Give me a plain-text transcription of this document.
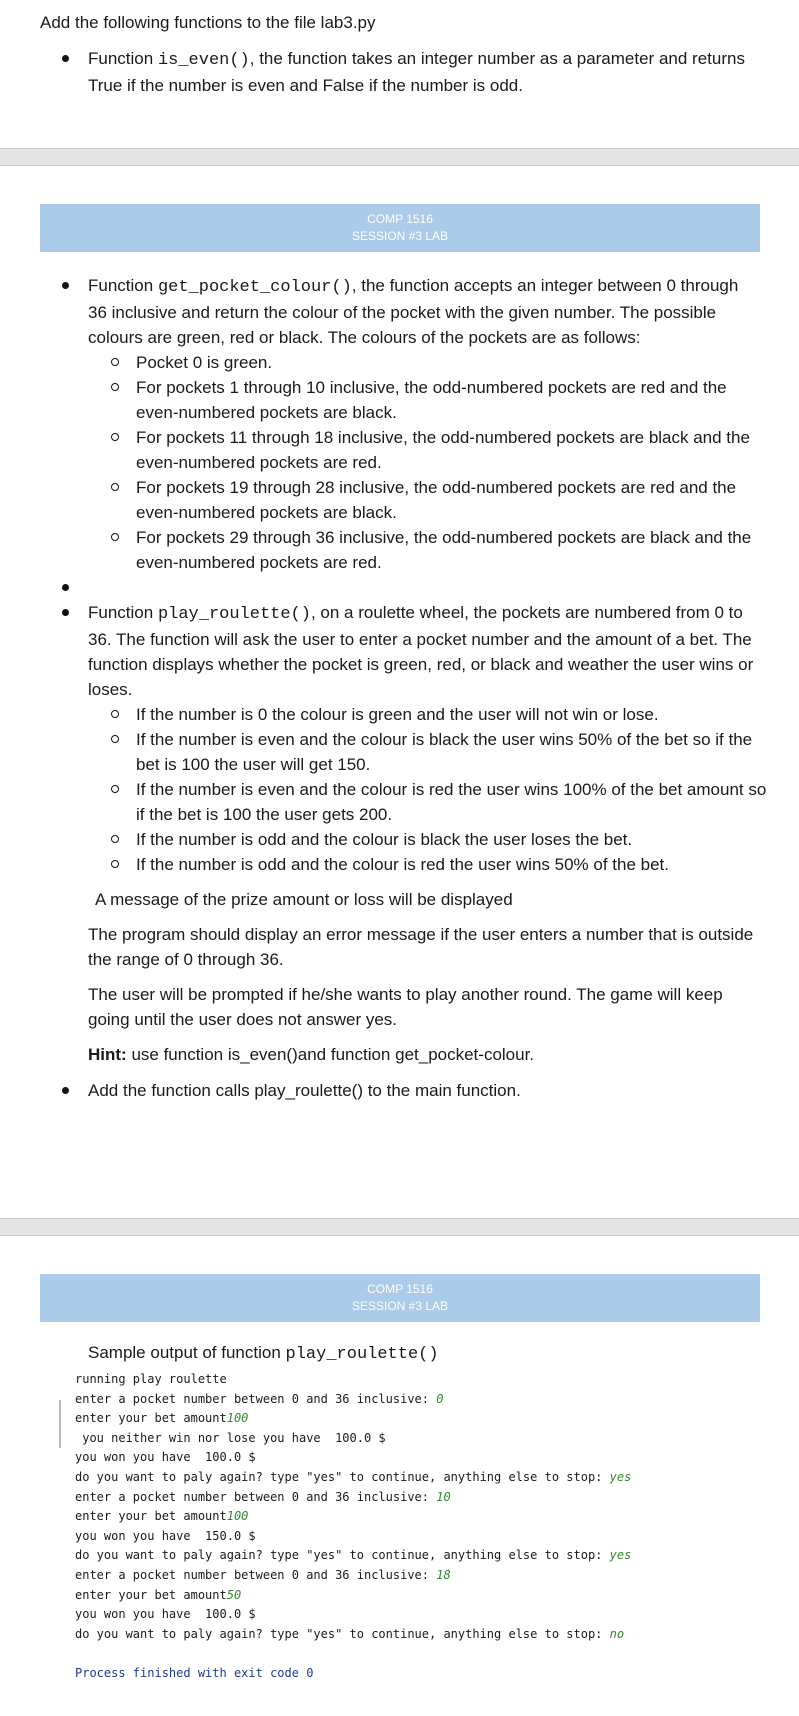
Add the following functions to the file lab3.py
Function is_even(), the function takes an integer number as a parameter and returns True if the number is even and False if the number is odd.
COMP 1516
SESSION #3 LAB
Function get_pocket_colour(), the function accepts an integer between 0 through 36 inclusive and return the colour of the pocket with the given number. The possible colours are green, red or black. The colours of the pockets are as follows:
Pocket 0 is green.
For pockets 1 through 10 inclusive, the odd-numbered pockets are red and the even-numbered pockets are black.
For pockets 11 through 18 inclusive, the odd-numbered pockets are black and the even-numbered pockets are red.
For pockets 19 through 28 inclusive, the odd-numbered pockets are red and the even-numbered pockets are black.
For pockets 29 through 36 inclusive, the odd-numbered pockets are black and the even-numbered pockets are red.
Function play_roulette(), on a roulette wheel, the pockets are numbered from 0 to 36. The function will ask the user to enter a pocket number and the amount of a bet. The function displays whether the pocket is green, red, or black and weather the user wins or loses.
If the number is 0 the colour is green and the user will not win or lose.
If the number is even and the colour is black the user wins 50% of the bet so if the bet is 100 the user will get 150.
If the number is even and the colour is red the user wins 100% of the bet amount so if the bet is 100 the user gets 200.
If the number is odd and the colour is black the user loses the bet.
If the number is odd and the colour is red the user wins 50% of the bet.
A message of the prize amount or loss will be displayed
The program should display an error message if the user enters a number that is outside the range of 0 through 36.
The user will be prompted if he/she wants to play another round. The game will keep going until the user does not answer yes.
Hint: use function is_even()and function get_pocket-colour.
Add the function calls play_roulette() to the main function.
COMP 1516
SESSION #3 LAB
Sample output of function play_roulette()
running play roulette
enter a pocket number between 0 and 36 inclusive: 0
enter your bet amount100
you neither win nor lose you have  100.0 $
you won you have  100.0 $
do you want to paly again? type "yes" to continue, anything else to stop: yes
enter a pocket number between 0 and 36 inclusive: 10
enter your bet amount100
you won you have  150.0 $
do you want to paly again? type "yes" to continue, anything else to stop: yes
enter a pocket number between 0 and 36 inclusive: 18
enter your bet amount50
you won you have  100.0 $
do you want to paly again? type "yes" to continue, anything else to stop: no
Process finished with exit code 0
